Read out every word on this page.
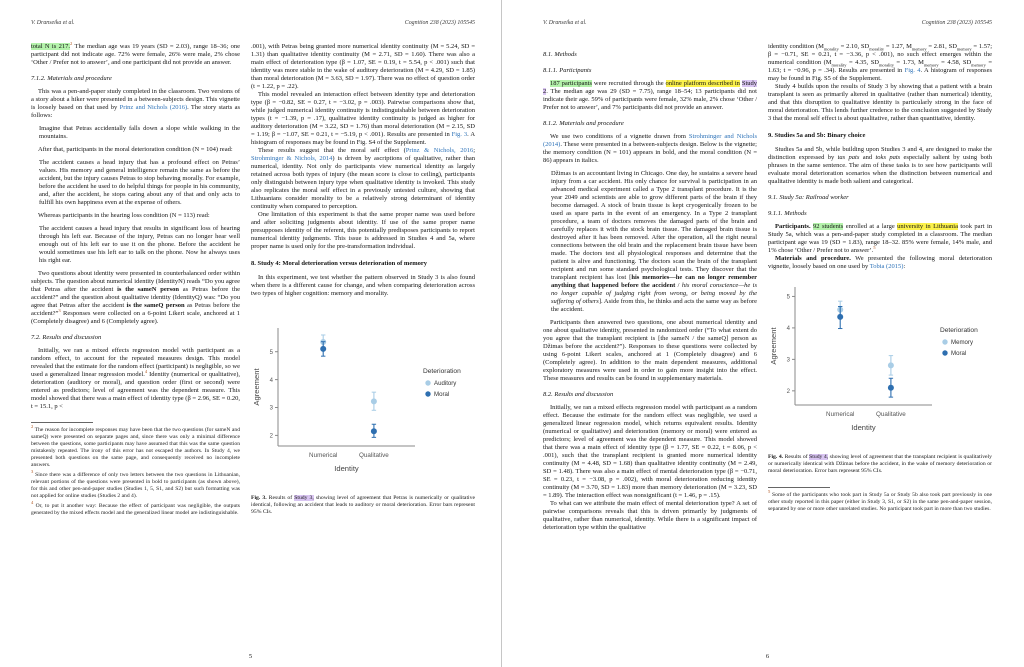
V. Dranseika et al.	Cognition 238 (2023) 105545
total N is 217.$^2$ The median age was 19 years (SD = 2.03), range 18–36; one participant did not indicate age. 72% were female, 26% were male, 2% chose ‘Other / Prefer not to answer’, and one participant did not provide an answer.
7.1.2. Materials and procedure
This was a pen-and-paper study completed in the classroom. Two versions of a story about a hiker were presented in a between-subjects design. This vignette is loosely based on that used by Prinz and Nichols (2016). The story starts as follows:
Imagine that Petras accidentally falls down a slope while walking in the mountains.
After that, participants in the moral deterioration condition (N = 104) read:
The accident causes a head injury that has a profound effect on Petras’ values. His memory and general intelligence remain the same as before the accident, but the injury causes Petras to stop behaving morally. For example, before the accident he used to do helpful things for people in his community, and, after the accident, he stops caring about any of that and only acts to fulfill his own happiness even at the expense of others.
Whereas participants in the hearing loss condition (N = 113) read:
The accident causes a head injury that results in significant loss of hearing through his left ear. Because of the injury, Petras can no longer hear well enough out of his left ear to use it on the phone. Before the accident he would sometimes use his left ear to talk on the phone. Now he always uses his right ear.
Two questions about identity were presented in counterbalanced order within subjects. The question about numerical identity (IdentityN) reads “Do you agree that Petras after the accident is the sameN person as Petras before the accident?” and the question about qualitative identity (IdentityQ) was: “Do you agree that Petras after the accident is the sameQ person as Petras before the accident?”$^3$ Responses were collected on a 6-point Likert scale, anchored at 1 (Completely disagree) and 6 (Completely agree).
7.2. Results and discussion
Initially, we ran a mixed effects regression model with participant as a random effect, to account for the repeated measures design. This model revealed that the estimate for the random effect (participant) is negligible, so we used a generalized linear regression model.$^4$ Identity (numerical or qualitative), deterioration (auditory or moral), and question order (first or second) were entered as predictors; level of agreement was the dependent measure. This model showed that there was a main effect of identity type (β = 2.96, SE = 0.20, t = 15.1, p <
$^2$ The reason for incomplete responses may have been that the two questions (for sameN and sameQ) were presented on separate pages and, since there was only a minimal difference between the questions, some participants may have assumed that this was the same question mistakenly repeated. The irony of this error has not escaped the authors. In Study 4, we presented both questions on the same page, and consequently received no incomplete answers.
$^3$ Since there was a difference of only two letters between the two questions in Lithuanian, relevant portions of the questions were presented in bold to participants (as shown above), for this and other pen-and-paper studies (Studies 1, 5, S1, and S2) but such formatting was not applied for online studies (Studies 2 and 4).
$^4$ Or, to put it another way: Because the effect of participant was negligible, the outputs generated by the mixed effects model and the generalized linear model are indistinguishable.
.001), with Petras being granted more numerical identity continuity (M = 5.24, SD = 1.31) than qualitative identity continuity (M = 2.71, SD = 1.60). There was also a main effect of deterioration type (β = 1.07, SE = 0.19, t = 5.54, p < .001) such that identity was more stable in the wake of auditory deterioration (M = 4.29, SD = 1.85) than moral deterioration (M = 3.63, SD = 1.97). There was no effect of question order (t = 1.22, p = .22).
This model revealed an interaction effect between identity type and deterioration type (β = −0.82, SE = 0.27, t = −3.02, p = .003). Pairwise comparisons show that, while judged numerical identity continuity is indistinguishable between deterioration types (t = −1.39, p = .17), qualitative identity continuity is judged as higher for auditory deterioration (M = 3.22, SD = 1.76) than moral deterioration (M = 2.15, SD = 1.19; β = −1.07, SE = 0.21, t = −5.19, p < .001). Results are presented in Fig. 3. A histogram of responses may be found in Fig. S4 of the Supplement.
These results suggest that the moral self effect (Prinz & Nichols, 2016; Strohminger & Nichols, 2014) is driven by ascriptions of qualitative, rather than numerical, identity. Not only do participants view numerical identity as largely retained across both types of injury (the mean score is close to ceiling), participants only distinguish between injury type when qualitative identity is invoked. This study also replicates the moral self effect in a previously untested culture, showing that Lithuanians consider morality to be a relatively strong determinant of identity continuity when compared to perception.
One limitation of this experiment is that the same proper name was used before and after soliciting judgments about identity. If use of the same proper name presupposes identity of the referent, this potentially predisposes participants to report numerical identity judgments. This issue is addressed in Studies 4 and 5a, where proper name is used only for the pre-transformation individual.
8. Study 4: Moral deterioration versus deterioration of memory
In this experiment, we test whether the pattern observed in Study 3 is also found when there is a different cause for change, and when comparing deterioration across two types of higher cognition: memory and morality.
2
3
4
5
Numerical	Qualitative
Identity
Agreement	Deterioration
Auditory
Moral
Fig. 3. Results of Study 3, showing level of agreement that Petras is numerically or qualitative identical, following an accident that leads to auditory or moral deterioration. Error bars represent 95% CIs.
5
V. Dranseika et al.	Cognition 238 (2023) 105545
8.1. Methods
8.1.1. Participants
187 participants were recruited through the online platform described in Study 2. The median age was 29 (SD = 7.75), range 18–54; 13 participants did not indicate their age. 59% of participants were female, 32% male, 2% chose ‘Other / Prefer not to answer’, and 7% participants did not provide an answer.
8.1.2. Materials and procedure
We use two conditions of a vignette drawn from Strohminger and Nichols (2014). These were presented in a between-subjects design. Below is the vignette; the memory condition (N = 101) appears in bold, and the moral condition (N = 86) appears in italics.
Džimas is an accountant living in Chicago. One day, he sustains a severe head injury from a car accident. His only chance for survival is participation in an advanced medical experiment called a Type 2 transplant procedure. It is the year 2049 and scientists are able to grow different parts of the brain if they become damaged. A stock of brain tissue is kept cryogenically frozen to be used as spare parts in the event of an emergency. In a Type 2 transplant procedure, a team of doctors removes the damaged parts of the brain and carefully replaces it with the stock brain tissue. The damaged brain tissue is destroyed after it has been removed. After the operation, all the right neural connections between the old brain and the replacement brain tissue have been made. The doctors test all physiological responses and determine that the patient is alive and functioning. The doctors scan the brain of the transplant recipient and run some standard psychological tests. They discover that the transplant recipient has lost [his memories—he can no longer remember anything that happened before the accident / his moral conscience—he is no longer capable of judging right from wrong, or being moved by the suffering of others]. Aside from this, he thinks and acts the same way as before the accident.
Participants then answered two questions, one about numerical identity and one about qualitative identity, presented in randomized order (“To what extent do you agree that the transplant recipient is [the sameN / the sameQ] person as Džimas before the accident?”). Responses to these questions were collected by using 6-point Likert scales, anchored at 1 (Completely disagree) and 6 (Completely agree). In addition to the main dependent measures, additional exploratory measures were used in order to gain more insight into the effect. These measures and results can be found in supplementary materials.
8.2. Results and discussion
Initially, we ran a mixed effects regression model with participant as a random effect. Because the estimate for the random effect was negligible, we used a generalized linear regression model, which returns equivalent results. Identity (numerical or qualitative) and deterioration (memory or moral) were entered as predictors; level of agreement was the dependent measure. This model showed that there was a main effect of identity type (β = 1.77, SE = 0.22, t = 8.06, p < .001), such that the transplant recipient is granted more numerical identity continuity (M = 4.48, SD = 1.68) than qualitative identity continuity (M = 2.49, SD = 1.48). There was also a main effect of mental deterioration type (β = −0.71, SE = 0.23, t = −3.08, p = .002), with moral deterioration reducing identity continuity (M = 3.70, SD = 1.83) more than memory deterioration (M = 3.23, SD = 1.89). The interaction effect was nonsignificant (t = 1.46, p = .15).
To what can we attribute the main effect of mental deterioration type? A set of pairwise comparisons reveals that this is driven primarily by judgments of qualitative, rather than numerical, identity. While there is a significant impact of deterioration type within the qualitative
identity condition ($M_{morality} = 2.10$, $SD_{morality} = 1.27$, $M_{memory} = 2.81$, $SD_{memory} = 1.57$; β = −0.71, SE = 0.21, t = −3.36, p < .001), no such effect emerges within the numerical condition ($M_{morality} = 4.35$, $SD_{morality} = 1.73$, $M_{memory} = 4.58$, $SD_{memory} = 1.63$; t = −0.96, p = .34). Results are presented in Fig. 4. A histogram of responses may be found in Fig. S5 of the Supplement.
Study 4 builds upon the results of Study 3 by showing that a patient with a brain transplant is seen as primarily altered in qualitative (rather than numerical) identity, and that this disruption to qualitative identity is particularly strong in the face of moral deterioration. This lends further credence to the conclusion suggested by Study 3 that the moral self effect is about qualitative, rather than quantitative, identity.
9. Studies 5a and 5b: Binary choice
Studies 5a and 5b, while building upon Studies 3 and 4, are designed to make the distinction expressed by tas pats and toks pats especially salient by using both phrases in the same sentence. The aim of these tasks is to see how participants will evaluate moral deterioration scenarios when the distinction between numerical and qualitative identity is made both salient and categorical.
9.1. Study 5a: Railroad worker
9.1.1. Methods
Participants. 92 students enrolled at a large university in Lithuania took part in Study 5a, which was a pen-and-paper study completed in a classroom. The median participant age was 19 (SD = 1.83), range 18–32. 85% were female, 14% male, and 1% chose ‘Other / Prefer not to answer’.$^5$
Materials and procedure. We presented the following moral deterioration vignette, loosely based on one used by Tobia (2015):
2
3
4
5
Numerical	Qualitative
Identity
Agreement	Deterioration
Memory
Moral
Fig. 4. Results of Study 4, showing level of agreement that the transplant recipient is qualitatively or numerically identical with Džimas before the accident, in the wake of memory deterioration or moral deterioration. Error bars represent 95% CIs.
$^5$ Some of the participants who took part in Study 5a or Study 5b also took part previously in one other study reported in this paper (either in Study 3, S1, or S2) in the same pen-and-paper session, separated by one or more other unrelated studies. No participant took part in more than two studies.
6
